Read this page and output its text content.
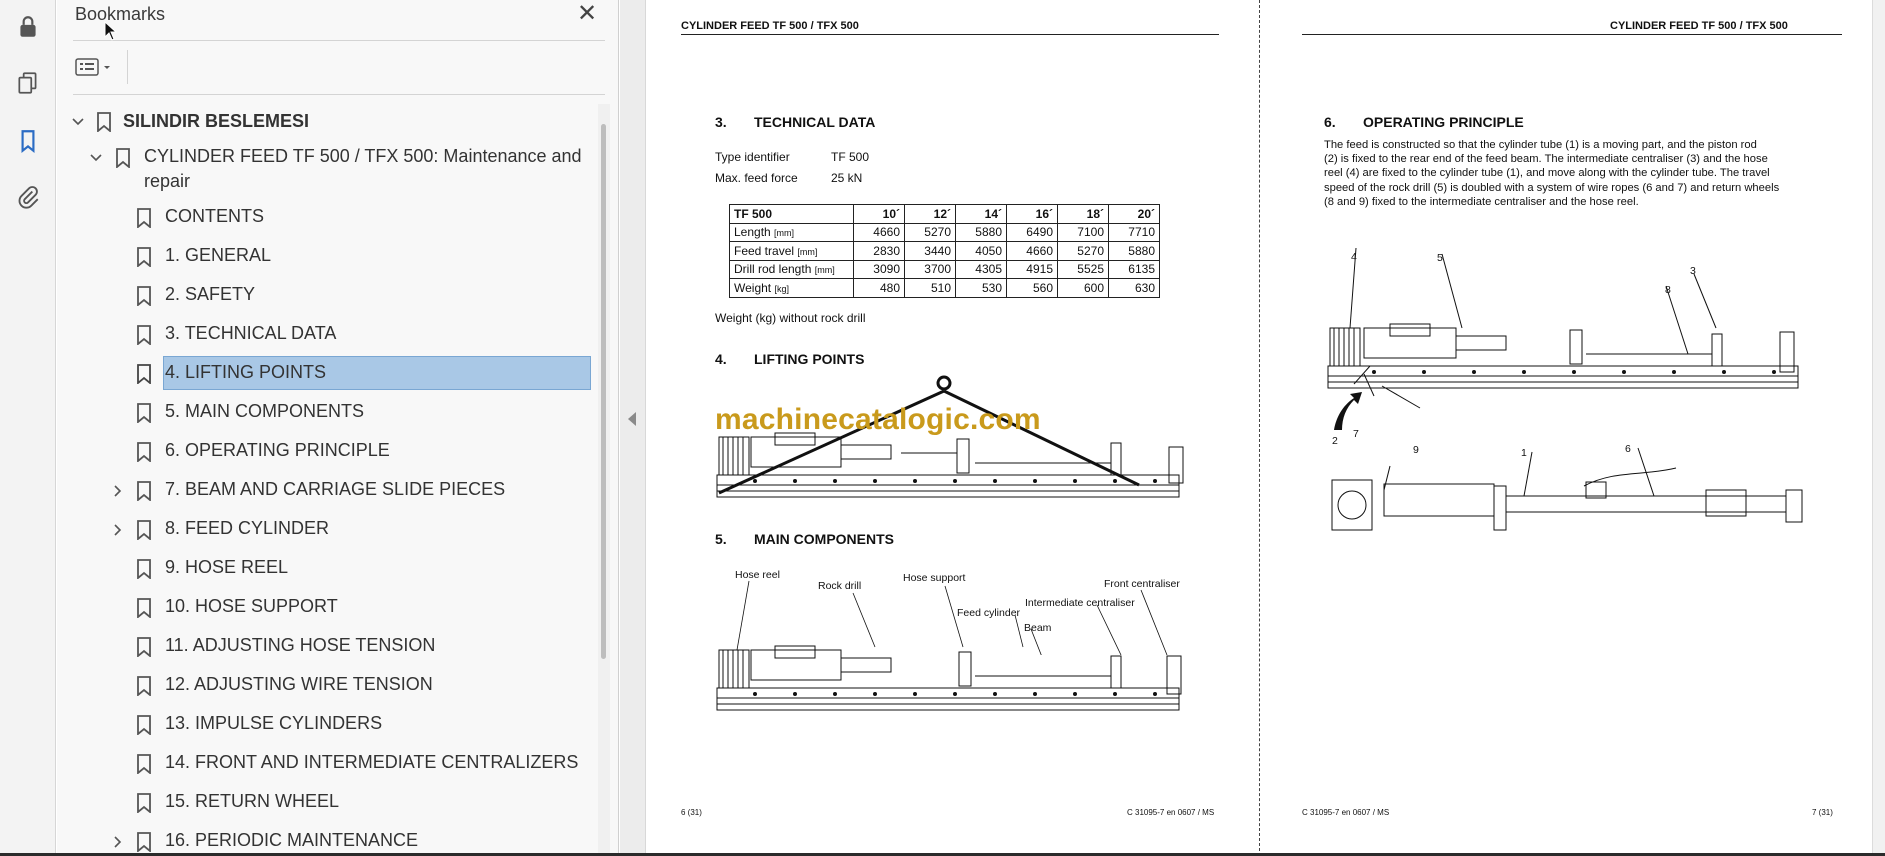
Bookmarks	✕
SILINDIR BESLEMESI
CYLINDER FEED TF 500 / TFX 500: Maintenance and
repair
CONTENTS
1. GENERAL
2. SAFETY
3. TECHNICAL DATA
4. LIFTING POINTS
5. MAIN COMPONENTS
6. OPERATING PRINCIPLE
7. BEAM AND CARRIAGE SLIDE PIECES
8. FEED CYLINDER
9. HOSE REEL
10. HOSE SUPPORT
11. ADJUSTING HOSE TENSION
12. ADJUSTING WIRE TENSION
13. IMPULSE CYLINDERS
14. FRONT AND INTERMEDIATE CENTRALIZERS
15. RETURN WHEEL
16. PERIODIC MAINTENANCE
CYLINDER FEED TF 500 / TFX 500
3. TECHNICAL DATA
Type identifier	TF 500
Max. feed force	25 kN
TF 500	10´	12´	14´	16´	18´	20´
Length [mm]	4660	5270	5880	6490	7100	7710
Feed travel [mm]	2830	3440	4050	4660	5270	5880
Drill rod length [mm]	3090	3700	4305	4915	5525	6135
Weight [kg]	480	510	530	560	600	630
Weight (kg) without rock drill
4. LIFTING POINTS
machinecatalogic.com
5. MAIN COMPONENTS
Hose reel
Rock drill
Hose support
Feed cylinder
Beam
Intermediate centraliser
Front centraliser
6 (31)	C 31095-7 en 0607 / MS
CYLINDER FEED TF 500 / TFX 500
6. OPERATING PRINCIPLE
The feed is constructed so that the cylinder tube (1) is a moving part, and the piston rod
(2) is fixed to the rear end of the feed beam. The intermediate centraliser (3) and the hose
reel (4) are fixed to the cylinder tube (1), and move along with the cylinder tube. The travel
speed of the rock drill (5) is doubled with a system of wire ropes (6 and 7) and return wheels
(8 and 9) fixed to the intermediate centraliser and the hose reel.
4	5
3
8
2
7
9	1	6
C 31095-7 en 0607 / MS	7 (31)
